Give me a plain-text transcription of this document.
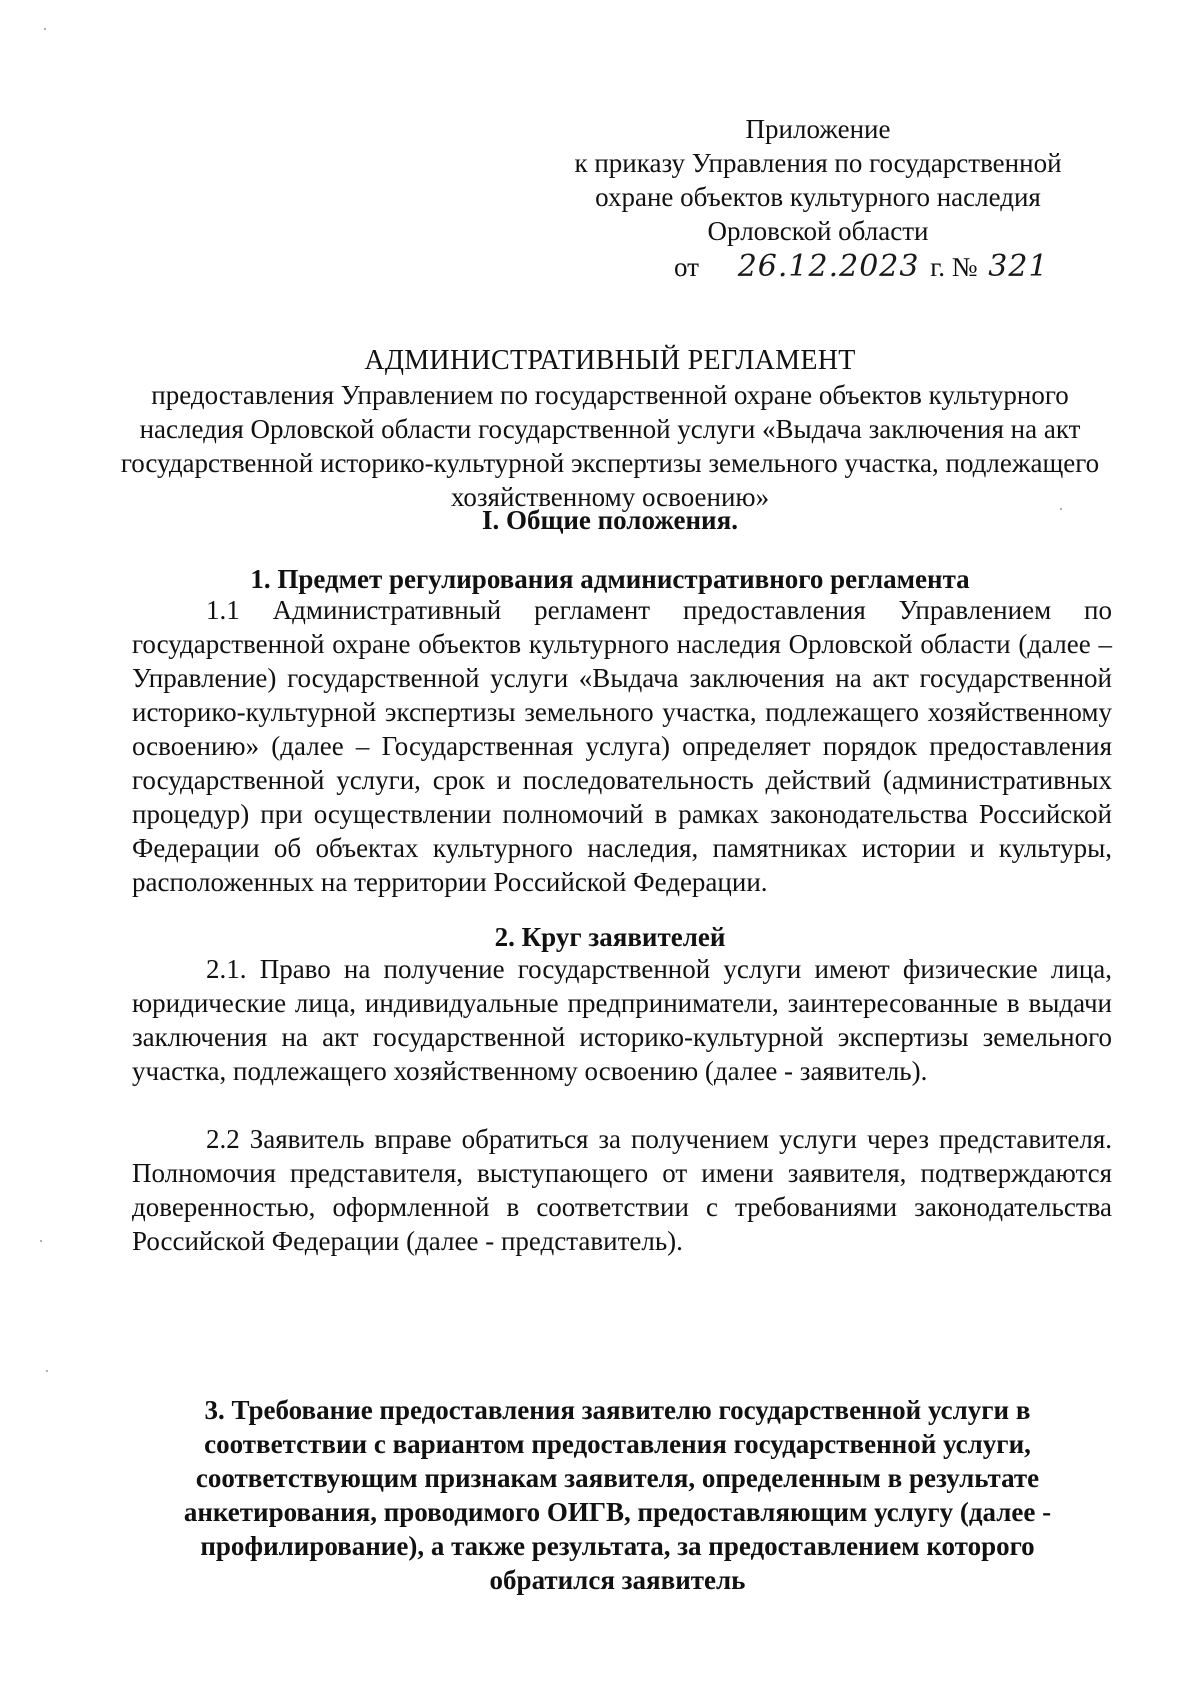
Приложение
к приказу Управления по государственной
охране объектов культурного наследия
Орловской области
от 26.12.2023 г. № 321
АДМИНИСТРАТИВНЫЙ РЕГЛАМЕНТ
предоставления Управлением по государственной охране объектов культурного наследия Орловской области государственной услуги «Выдача заключения на акт государственной историко-культурной экспертизы земельного участка, подлежащего хозяйственному освоению»
I. Общие положения.
1. Предмет регулирования административного регламента
1.1 Административный регламент предоставления Управлением по государственной охране объектов культурного наследия Орловской области (далее – Управление) государственной услуги «Выдача заключения на акт государственной историко-культурной экспертизы земельного участка, подлежащего хозяйственному освоению» (далее – Государственная услуга) определяет порядок предоставления государственной услуги, срок и последовательность действий (административных процедур) при осуществлении полномочий в рамках законодательства Российской Федерации об объектах культурного наследия, памятниках истории и культуры, расположенных на территории Российской Федерации.
2. Круг заявителей
2.1. Право на получение государственной услуги имеют физические лица, юридические лица, индивидуальные предприниматели, заинтересованные в выдачи заключения на акт государственной историко-культурной экспертизы земельного участка, подлежащего хозяйственному освоению (далее - заявитель).
2.2 Заявитель вправе обратиться за получением услуги через представителя. Полномочия представителя, выступающего от имени заявителя, подтверждаются доверенностью, оформленной в соответствии с требованиями законодательства Российской Федерации (далее - представитель).
3. Требование предоставления заявителю государственной услуги в соответствии с вариантом предоставления государственной услуги, соответствующим признакам заявителя, определенным в результате анкетирования, проводимого ОИГВ, предоставляющим услугу (далее - профилирование), а также результата, за предоставлением которого обратился заявитель
